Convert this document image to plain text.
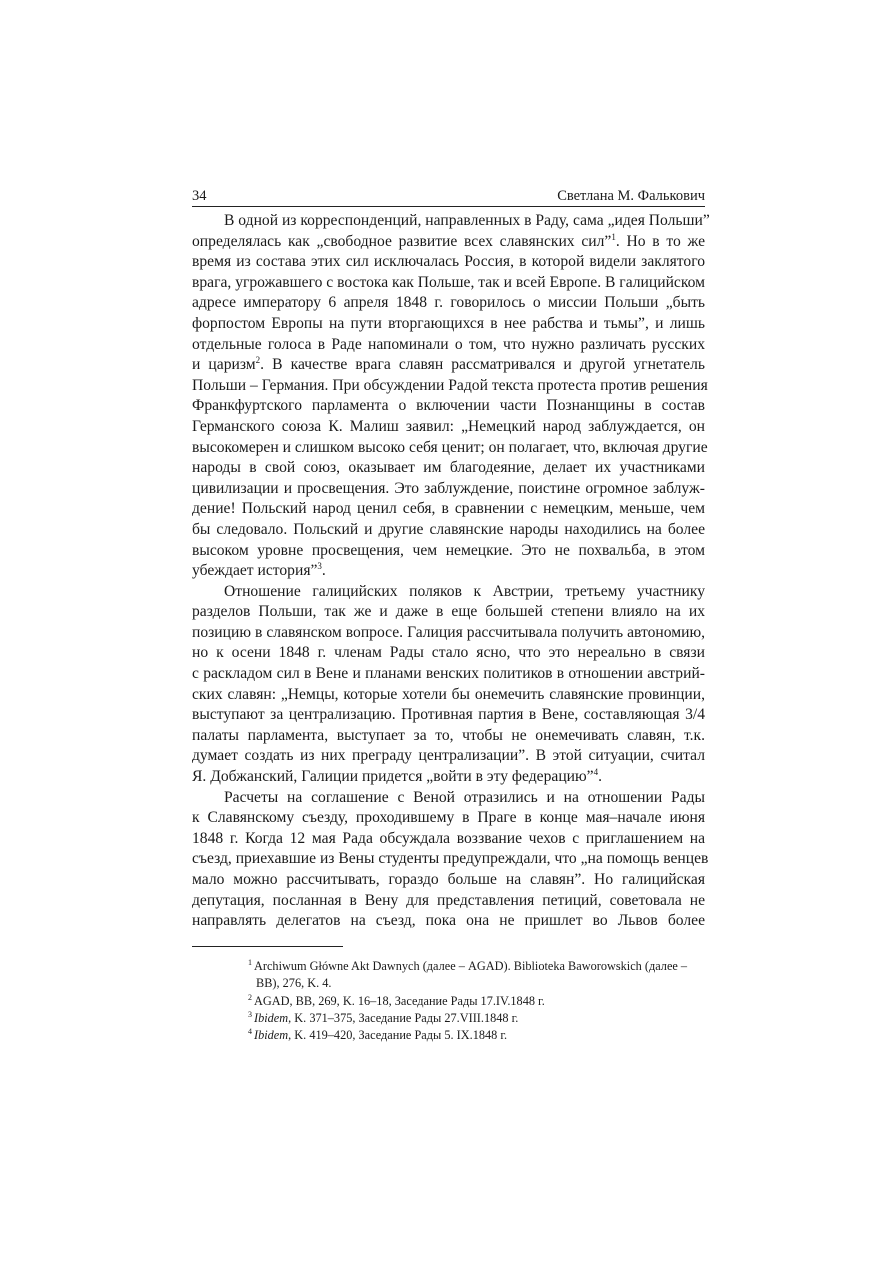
34	Светлана М. Фалькович
В одной из корреспонденций, направленных в Раду, сама „идея Польши”
определялась как „свободное развитие всех славянских сил”$^1$. Но в то же
время из состава этих сил исключалась Россия, в которой видели заклятого
врага, угрожавшего с востока как Польше, так и всей Европе. В галицийском
адресе императору 6 апреля 1848 г. говорилось о миссии Польши „быть
форпостом Европы на пути вторгающихся в нее рабства и тьмы”, и лишь
отдельные голоса в Раде напоминали о том, что нужно различать русских
и царизм$^2$. В качестве врага славян рассматривался и другой угнетатель
Польши – Германия. При обсуждении Радой текста протеста против решения
Франкфуртского парламента о включении части Познанщины в состав
Германского союза К. Малиш заявил: „Немецкий народ заблуждается, он
высокомерен и слишком высоко себя ценит; он полагает, что, включая другие
народы в свой союз, оказывает им благодеяние, делает их участниками
цивилизации и просвещения. Это заблуждение, поистине огромное заблуж-
дение! Польский народ ценил себя, в сравнении с немецким, меньше, чем
бы следовало. Польский и другие славянские народы находились на более
высоком уровне просвещения, чем немецкие. Это не похвальба, в этом
убеждает история”$^3$.
Отношение галицийских поляков к Австрии, третьему участнику
разделов Польши, так же и даже в еще большей степени влияло на их
позицию в славянском вопросе. Галиция рассчитывала получить автономию,
но к осени 1848 г. членам Рады стало ясно, что это нереально в связи
с раскладом сил в Вене и планами венских политиков в отношении австрий-
ских славян: „Немцы, которые хотели бы онемечить славянские провинции,
выступают за централизацию. Противная партия в Вене, составляющая 3/4
палаты парламента, выступает за то, чтобы не онемечивать славян, т.к.
думает создать из них преграду централизации”. В этой ситуации, считал
Я. Добжанский, Галиции придется „войти в эту федерацию”$^4$.
Расчеты на соглашение с Веной отразились и на отношении Рады
к Славянскому съезду, проходившему в Праге в конце мая–начале июня
1848 г. Когда 12 мая Рада обсуждала воззвание чехов с приглашением на
съезд, приехавшие из Вены студенты предупреждали, что „на помощь венцев
мало можно рассчитывать, гораздо больше на славян”. Но галицийская
депутация, посланная в Вену для представления петиций, советовала не
направлять делегатов на съезд, пока она не пришлет во Львов более
$^1$ Archiwum Główne Akt Dawnych (далее – AGAD). Biblioteka Baworowskich (далее –
BB), 276, K. 4.
$^2$ AGAD, BB, 269, K. 16–18, Заседание Рады 17.IV.1848 г.
$^3$ Ibidem, K. 371–375, Заседание Рады 27.VIII.1848 г.
$^4$ Ibidem, K. 419–420, Заседание Рады 5. IX.1848 г.
